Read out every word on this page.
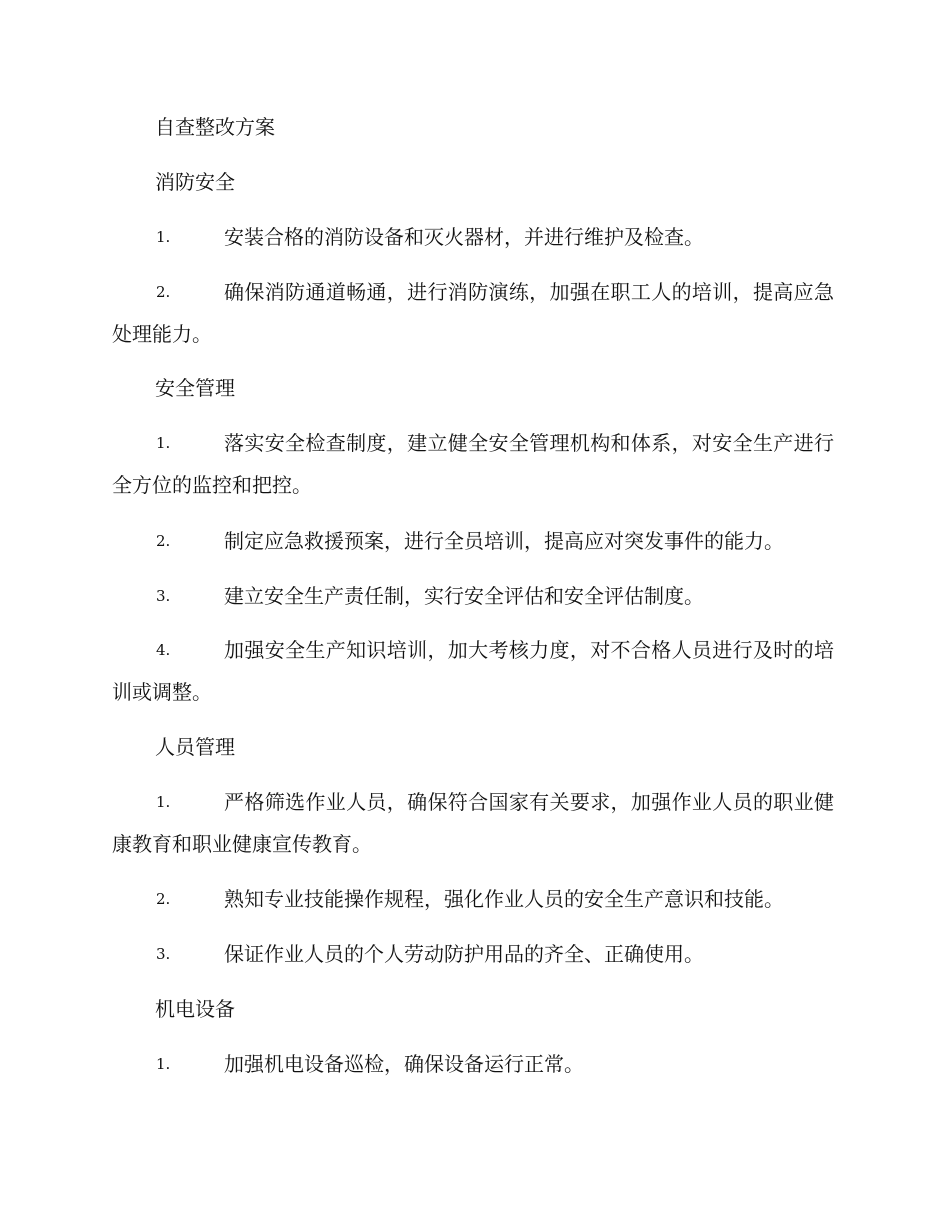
自查整改方案
消防安全
1.	安装合格的消防设备和灭火器材，并进行维护及检查。
2.	确保消防通道畅通，进行消防演练，加强在职工人的培训，提高应急处理能力。
安全管理
1.	落实安全检查制度，建立健全安全管理机构和体系，对安全生产进行全方位的监控和把控。
2.	制定应急救援预案，进行全员培训，提高应对突发事件的能力。
3.	建立安全生产责任制，实行安全评估和安全评估制度。
4.	加强安全生产知识培训，加大考核力度，对不合格人员进行及时的培训或调整。
人员管理
1.	严格筛选作业人员，确保符合国家有关要求，加强作业人员的职业健康教育和职业健康宣传教育。
2.	熟知专业技能操作规程，强化作业人员的安全生产意识和技能。
3.	保证作业人员的个人劳动防护用品的齐全、正确使用。
机电设备
1.	加强机电设备巡检，确保设备运行正常。
